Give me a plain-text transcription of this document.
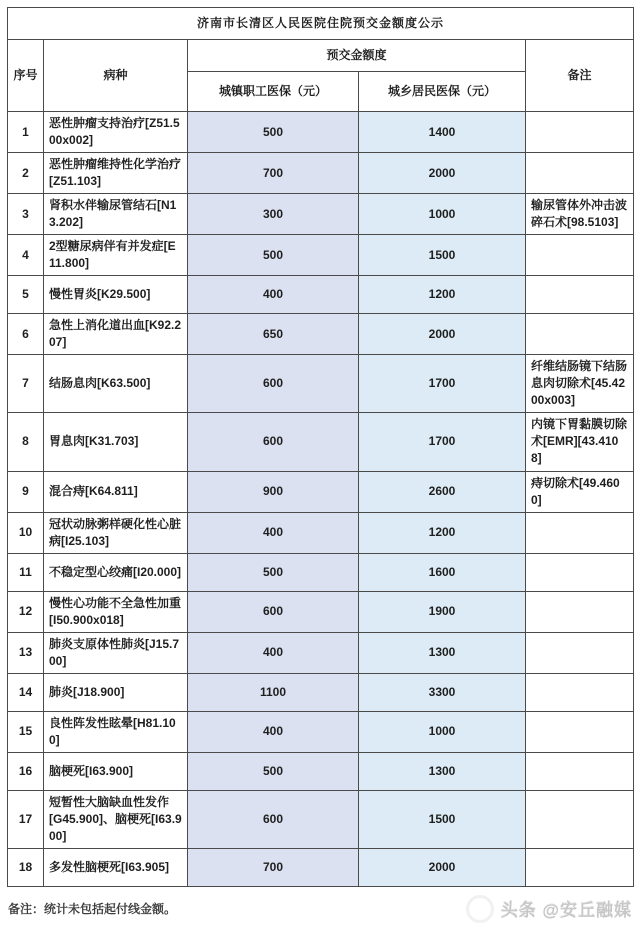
济南市长清区人民医院住院预交金额度公示				
序号	病种	预交金额度		备注
		城镇职工医保（元）	城乡居民医保（元）	
1	恶性肿瘤支持治疗[Z51.500x002]	500	1400	
2	恶性肿瘤维持性化学治疗[Z51.103]	700	2000	
3	肾积水伴输尿管结石[N13.202]	300	1000	输尿管体外冲击波碎石术[98.5103]
4	2型糖尿病伴有并发症[E11.800]	500	1500	
5	慢性胃炎[K29.500]	400	1200	
6	急性上消化道出血[K92.207]	650	2000	
7	结肠息肉[K63.500]	600	1700	纤维结肠镜下结肠息肉切除术[45.4200x003]
8	胃息肉[K31.703]	600	1700	内镜下胃黏膜切除术[EMR][43.4108]
9	混合痔[K64.811]	900	2600	痔切除术[49.4600]
10	冠状动脉粥样硬化性心脏病[I25.103]	400	1200	
11	不稳定型心绞痛[I20.000]	500	1600	
12	慢性心功能不全急性加重[I50.900x018]	600	1900	
13	肺炎支原体性肺炎[J15.700]	400	1300	
14	肺炎[J18.900]	1100	3300	
15	良性阵发性眩晕[H81.100]	400	1000	
16	脑梗死[I63.900]	500	1300	
17	短暂性大脑缺血性发作[G45.900]、脑梗死[I63.900]	600	1500	
18	多发性脑梗死[I63.905]	700	2000	
备注：统计未包括起付线金额。	头条 @安丘融媒
